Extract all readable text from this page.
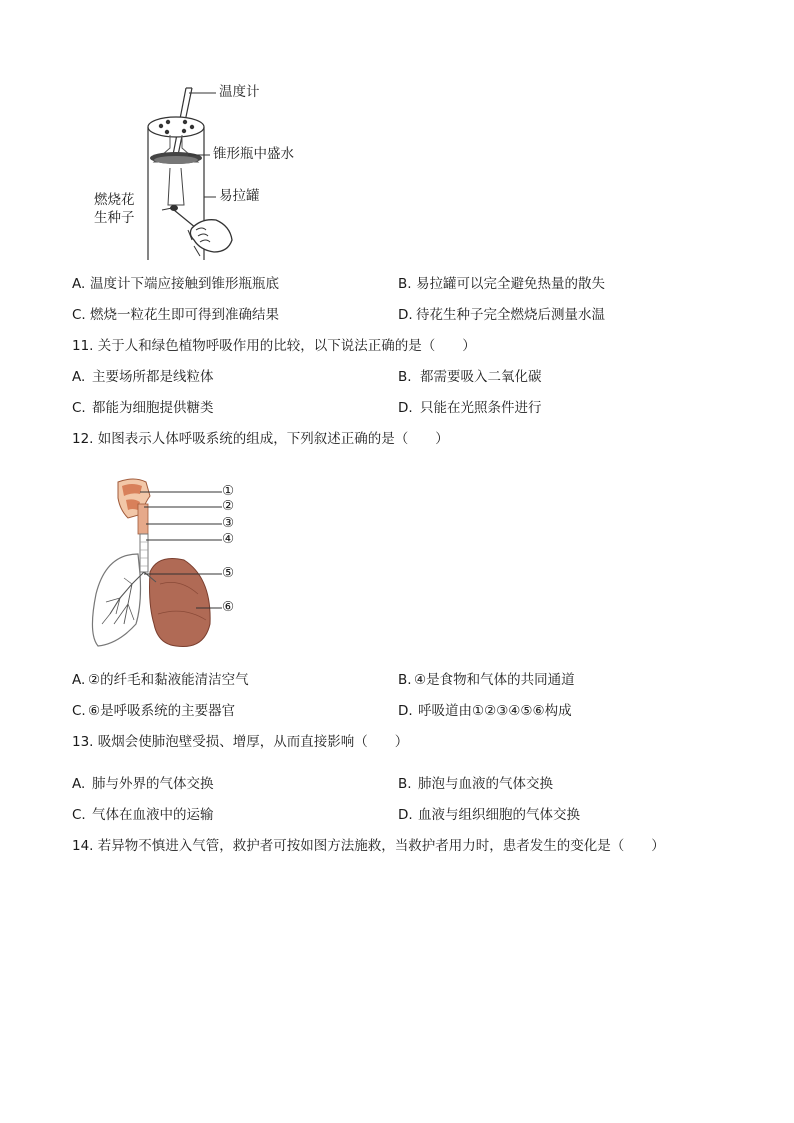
温度计
锥形瓶中盛水
易拉罐
燃烧花
生种子
A. 温度计下端应接触到锥形瓶瓶底	B. 易拉罐可以完全避免热量的散失
C. 燃烧一粒花生即可得到准确结果	D. 待花生种子完全燃烧后测量水温
11. 关于人和绿色植物呼吸作用的比较，以下说法正确的是（　　）
A. 主要场所都是线粒体	B. 都需要吸入二氧化碳
C. 都能为细胞提供糖类	D. 只能在光照条件进行
12. 如图表示人体呼吸系统的组成，下列叙述正确的是（　　）
①
②
③
④
⑤
⑥
A. ②的纤毛和黏液能清洁空气	B. ④是食物和气体的共同通道
C. ⑥是呼吸系统的主要器官	D. 呼吸道由①②③④⑤⑥构成
13. 吸烟会使肺泡壁受损、增厚，从而直接影响（　　）
A. 肺与外界的气体交换	B. 肺泡与血液的气体交换
C. 气体在血液中的运输	D. 血液与组织细胞的气体交换
14. 若异物不慎进入气管，救护者可按如图方法施救，当救护者用力时，患者发生的变化是（　　）
